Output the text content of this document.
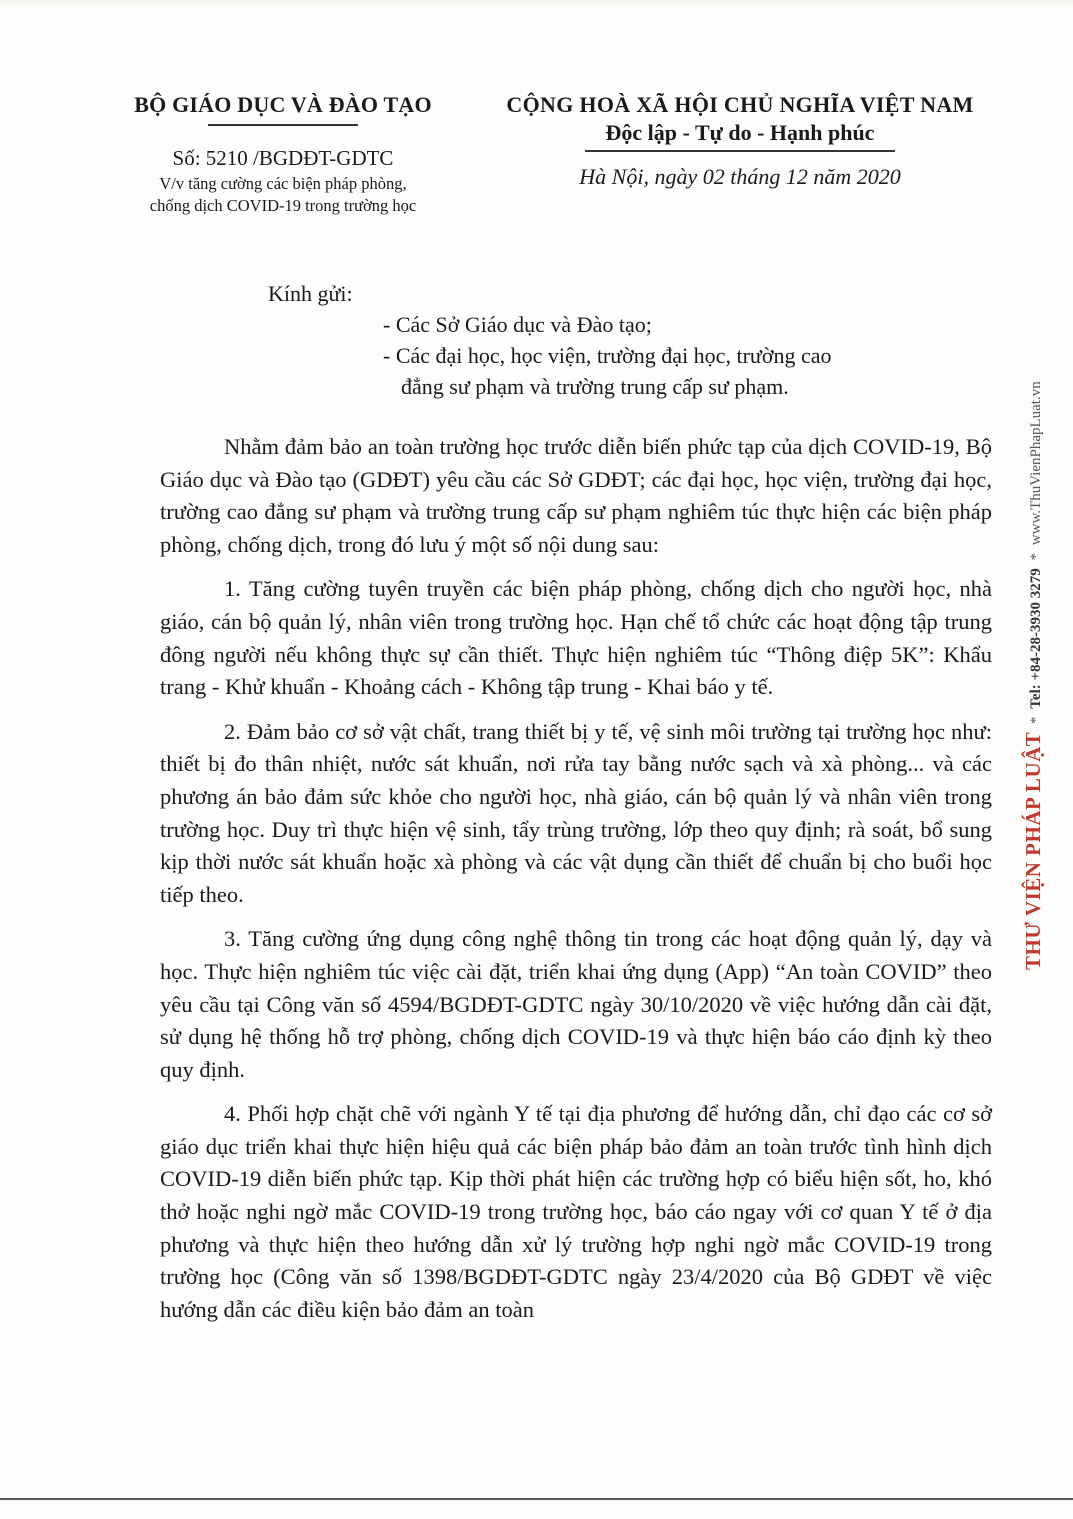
BỘ GIÁO DỤC VÀ ĐÀO TẠO
Số: 5210 /BGDĐT-GDTC
V/v tăng cường các biện pháp phòng,
chống dịch COVID-19 trong trường học
CỘNG HOÀ XÃ HỘI CHỦ NGHĨA VIỆT NAM
Độc lập - Tự do - Hạnh phúc
Hà Nội, ngày 02 tháng 12 năm 2020
Kính gửi:
- Các Sở Giáo dục và Đào tạo;
- Các đại học, học viện, trường đại học, trường cao
đẳng sư phạm và trường trung cấp sư phạm.

Nhằm đảm bảo an toàn trường học trước diễn biến phức tạp của dịch COVID-19, Bộ Giáo dục và Đào tạo (GDĐT) yêu cầu các Sở GDĐT; các đại học, học viện, trường đại học, trường cao đẳng sư phạm và trường trung cấp sư phạm nghiêm túc thực hiện các biện pháp phòng, chống dịch, trong đó lưu ý một số nội dung sau:

1. Tăng cường tuyên truyền các biện pháp phòng, chống dịch cho người học, nhà giáo, cán bộ quản lý, nhân viên trong trường học. Hạn chế tổ chức các hoạt động tập trung đông người nếu không thực sự cần thiết. Thực hiện nghiêm túc “Thông điệp 5K”: Khẩu trang - Khử khuẩn - Khoảng cách - Không tập trung - Khai báo y tế.

2. Đảm bảo cơ sở vật chất, trang thiết bị y tế, vệ sinh môi trường tại trường học như: thiết bị đo thân nhiệt, nước sát khuẩn, nơi rửa tay bằng nước sạch và xà phòng... và các phương án bảo đảm sức khỏe cho người học, nhà giáo, cán bộ quản lý và nhân viên trong trường học. Duy trì thực hiện vệ sinh, tẩy trùng trường, lớp theo quy định; rà soát, bổ sung kịp thời nước sát khuẩn hoặc xà phòng và các vật dụng cần thiết để chuẩn bị cho buổi học tiếp theo.

3. Tăng cường ứng dụng công nghệ thông tin trong các hoạt động quản lý, dạy và học. Thực hiện nghiêm túc việc cài đặt, triển khai ứng dụng (App) “An toàn COVID” theo yêu cầu tại Công văn số 4594/BGDĐT-GDTC ngày 30/10/2020 về việc hướng dẫn cài đặt, sử dụng hệ thống hỗ trợ phòng, chống dịch COVID-19 và thực hiện báo cáo định kỳ theo quy định.

4. Phối hợp chặt chẽ với ngành Y tế tại địa phương để hướng dẫn, chỉ đạo các cơ sở giáo dục triển khai thực hiện hiệu quả các biện pháp bảo đảm an toàn trước tình hình dịch COVID-19 diễn biến phức tạp. Kịp thời phát hiện các trường hợp có biểu hiện sốt, ho, khó thở hoặc nghi ngờ mắc COVID-19 trong trường học, báo cáo ngay với cơ quan Y tế ở địa phương và thực hiện theo hướng dẫn xử lý trường hợp nghi ngờ mắc COVID-19 trong trường học (Công văn số 1398/BGDĐT-GDTC ngày 23/4/2020 của Bộ GDĐT về việc hướng dẫn các điều kiện bảo đảm an toàn

THƯ VIỆN PHÁP LUẬT * Tel: +84-28-3930 3279 * www.ThuVienPhapLuat.vn
